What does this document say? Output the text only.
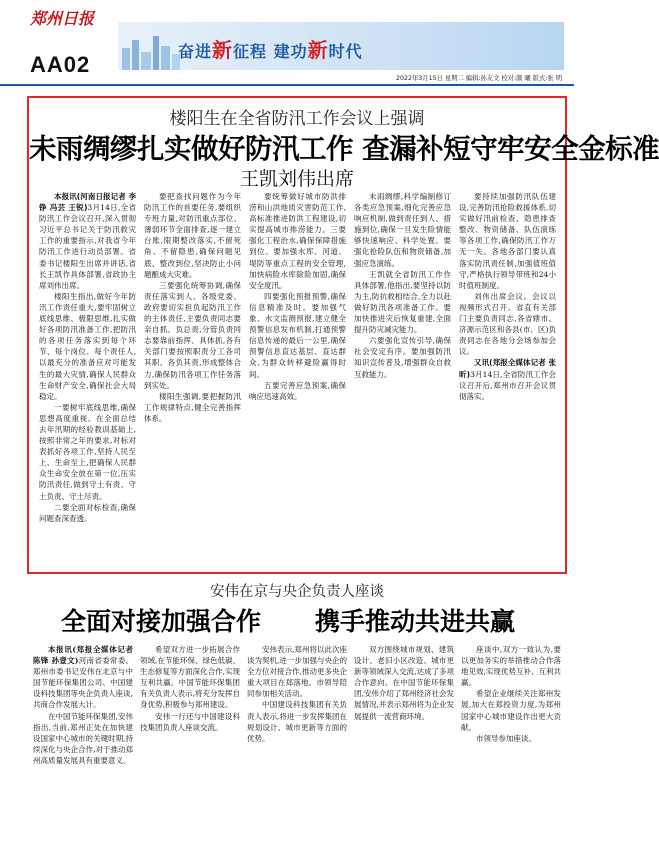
郑州日报
AA02
奋进新征程 建功新时代
2022年3月15日 星期二 编辑:孙友文 校对:颜 曦 版式:张 明
楼阳生在全省防汛工作会议上强调
未雨绸缪扎实做好防汛工作 查漏补短守牢安全金标准
王凯刘伟出席

本报讯(河南日报记者 李铮 冯芸 王锐)3月14日,全省防汛工作会议召开,深入贯彻习近平总书记关于防汛救灾工作的重要指示,对我省今年防汛工作进行动员部署。省委书记楼阳生出席并讲话,省长王凯作具体部署,省政协主席刘伟出席。

楼阳生指出,做好今年防汛工作责任重大,要牢固树立底线思维、极限思维,扎实做好各项防汛准备工作,把防汛的各项任务落实到每个环节、每个岗位、每个责任人,以最充分的准备应对可能发生的最大灾情,确保人民群众生命财产安全,确保社会大局稳定。

一要树牢底线思维,确保思想高度重视。在全面总结去年汛期的经验教训基础上,按照非常之年的要求,对标对表抓好各项工作,坚持人民至上、生命至上,把确保人民群众生命安全放在第一位,压实防汛责任,做到守土有责、守土负责、守土尽责。

二要全面对标检查,确保问题查深查透。

要把查找问题作为今年防汛工作的首要任务,要组织专班力量,对防汛重点部位、薄弱环节全面排查,逐一建立台账,限期整改落实,不留死角、不留隐患,确保问题见底、整改到位,坚决防止小问题酿成大灾难。

三要强化统筹协调,确保责任落实到人。各级党委、政府要切实担负起防汛工作的主体责任,主要负责同志要亲自抓、负总责,分管负责同志要靠前指挥、具体抓,各有关部门要按照职责分工各司其职、各负其责,形成整体合力,确保防汛各项工作任务落到实处。

楼阳生强调,要把握防汛工作规律特点,健全完善指挥体系。

要统筹做好城市防洪排涝和山洪地质灾害防范工作,高标准推进防洪工程建设,切实提高城市排涝能力。三要强化工程治水,确保保障措施到位。要加强水库、河道、堤防等重点工程的安全管理,加快病险水库除险加固,确保安全度汛。

四要强化预报预警,确保信息精准及时。要加强气象、水文监测预报,建立健全预警信息发布机制,打通预警信息传递的最后一公里,确保预警信息直达基层、直达群众,为群众转移避险赢得时间。

五要完善应急预案,确保响应迅速高效。

未雨绸缪,科学编制修订各类应急预案,细化完善应急响应机制,做到责任到人、措施到位,确保一旦发生险情能够快速响应、科学处置。要强化抢险队伍和物资储备,加强应急演练。

王凯就全省防汛工作作具体部署,他指出,要坚持以防为主,防抗救相结合,全力以赴做好防汛各项准备工作。要加快推进灾后恢复重建,全面提升防灾减灾能力。

六要强化宣传引导,确保社会安定有序。要加强防汛知识宣传普及,增强群众自救互救能力。

要持续加强防汛队伍建设,完善防汛抢险救援体系,切实做好汛前检查、隐患排查整改、物资储备、队伍演练等各项工作,确保防汛工作万无一失。各地各部门要认真落实防汛责任制,加强值班值守,严格执行领导带班和24小时值班制度。

刘伟出席会议。会议以视频形式召开。省直有关部门主要负责同志,各省辖市、济源示范区和各县(市、区)负责同志在各地分会场参加会议。

又讯(郑报全媒体记者 张昕)3月14日,全省防汛工作会议召开后,郑州市召开会议贯彻落实。

安伟在京与央企负责人座谈
全面对接加强合作 携手推动共进共赢

本报讯(郑报全媒体记者 陈锋 孙壹文)河南省委常委、郑州市委书记安伟在北京与中国节能环保集团公司、中国建设科技集团等央企负责人座谈,共商合作发展大计。

在中国节能环保集团,安伟指出,当前,郑州正处在加快建设国家中心城市的关键时期,持续深化与央企合作,对于推动郑州高质量发展具有重要意义。

希望双方进一步拓展合作领域,在节能环保、绿色低碳、生态修复等方面深化合作,实现互利共赢。中国节能环保集团有关负责人表示,将充分发挥自身优势,积极参与郑州建设。

安伟一行还与中国建设科技集团负责人座谈交流。

安伟表示,郑州将以此次座谈为契机,进一步加强与央企的全方位对接合作,推动更多央企重大项目在郑落地。市领导陪同参加相关活动。

中国建设科技集团有关负责人表示,将进一步发挥集团在规划设计、城市更新等方面的优势。

双方围绕城市规划、建筑设计、老旧小区改造、城市更新等领域深入交流,达成了多项合作意向。在中国节能环保集团,安伟介绍了郑州经济社会发展情况,并表示郑州将为企业发展提供一流营商环境。

座谈中,双方一致认为,要以更加务实的举措推动合作落地见效,实现优势互补、互利共赢。

希望企业继续关注郑州发展,加大在郑投资力度,为郑州国家中心城市建设作出更大贡献。

市领导参加座谈。
